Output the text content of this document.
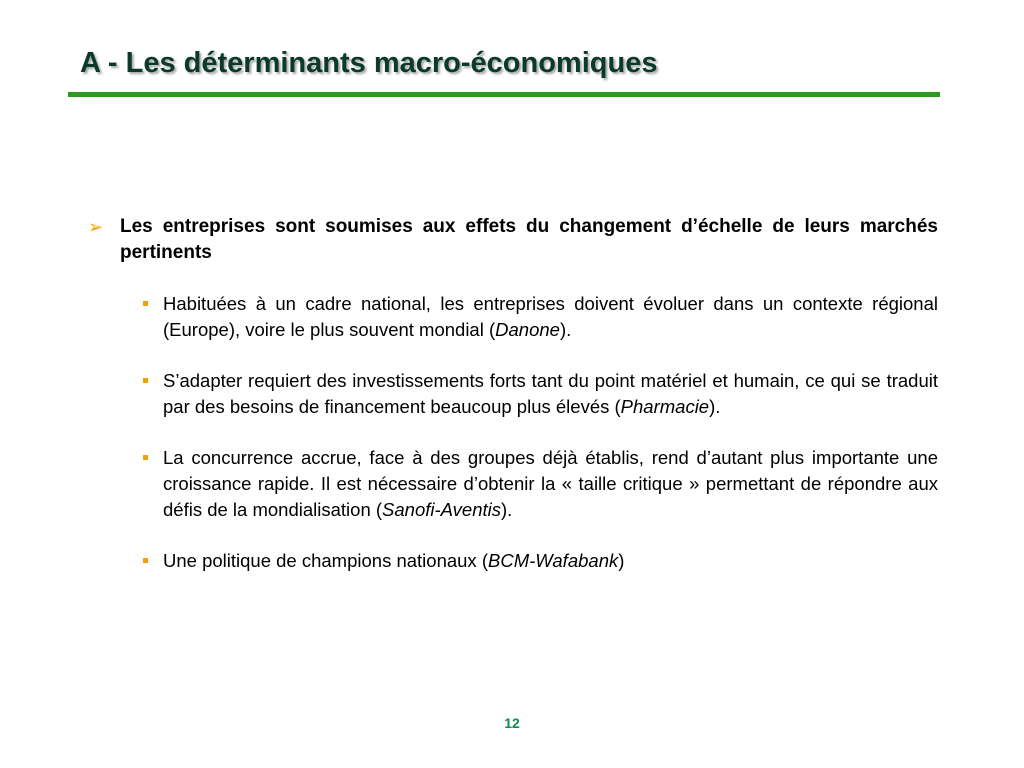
A - Les déterminants macro-économiques
➢ Les entreprises sont soumises aux effets du changement d’échelle de leurs marchés pertinents
Habituées à un cadre national, les entreprises doivent évoluer dans un contexte régional (Europe), voire le plus souvent mondial (Danone).
S’adapter requiert des investissements forts tant du point matériel et humain, ce qui se traduit par des besoins de financement beaucoup plus élevés (Pharmacie).
La concurrence accrue, face à des groupes déjà établis, rend d’autant plus importante une croissance rapide. Il est nécessaire d’obtenir la « taille critique » permettant de répondre aux défis de la mondialisation (Sanofi-Aventis).
Une politique de champions nationaux (BCM-Wafabank)
12
